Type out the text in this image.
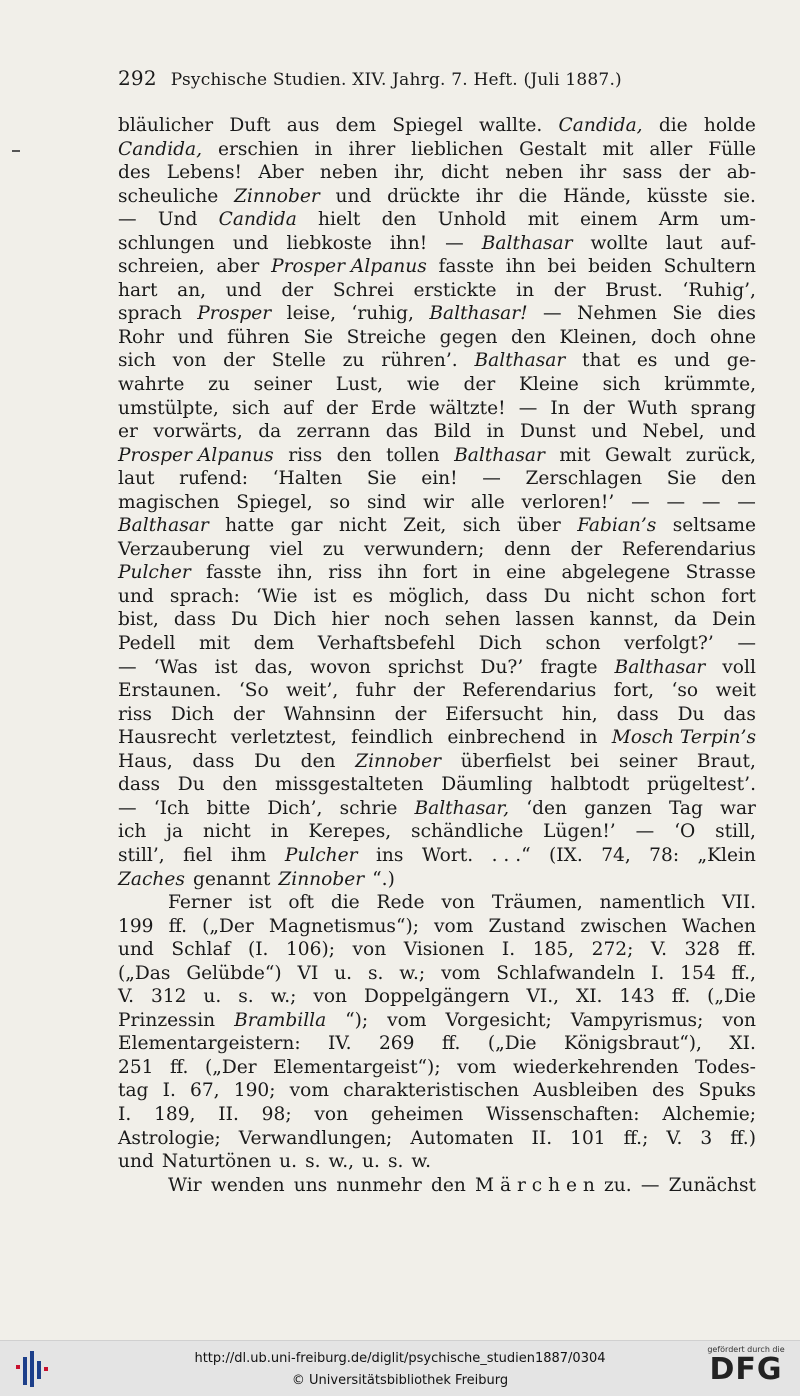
292 Psychische Studien. XIV. Jahrg. 7. Heft. (Juli 1887.)
bläulicher Duft aus dem Spiegel wallte. Candida, die holde
Candida, erschien in ihrer lieblichen Gestalt mit aller Fülle
des Lebens! Aber neben ihr, dicht neben ihr sass der ab-
scheuliche Zinnober und drückte ihr die Hände, küsste sie.
— Und Candida hielt den Unhold mit einem Arm um-
schlungen und liebkoste ihn! — Balthasar wollte laut auf-
schreien, aber Prosper Alpanus fasste ihn bei beiden Schultern
hart an, und der Schrei erstickte in der Brust. ‘Ruhig’,
sprach Prosper leise, ‘ruhig, Balthasar! — Nehmen Sie dies
Rohr und führen Sie Streiche gegen den Kleinen, doch ohne
sich von der Stelle zu rühren’. Balthasar that es und ge-
wahrte zu seiner Lust, wie der Kleine sich krümmte,
umstülpte, sich auf der Erde wältzte! — In der Wuth sprang
er vorwärts, da zerrann das Bild in Dunst und Nebel, und
Prosper Alpanus riss den tollen Balthasar mit Gewalt zurück,
laut rufend: ‘Halten Sie ein! — Zerschlagen Sie den
magischen Spiegel, so sind wir alle verloren!’ — — — —
Balthasar hatte gar nicht Zeit, sich über Fabian’s seltsame
Verzauberung viel zu verwundern; denn der Referendarius
Pulcher fasste ihn, riss ihn fort in eine abgelegene Strasse
und sprach: ‘Wie ist es möglich, dass Du nicht schon fort
bist, dass Du Dich hier noch sehen lassen kannst, da Dein
Pedell mit dem Verhaftsbefehl Dich schon verfolgt?’ —
— ‘Was ist das, wovon sprichst Du?’ fragte Balthasar voll
Erstaunen. ‘So weit’, fuhr der Referendarius fort, ‘so weit
riss Dich der Wahnsinn der Eifersucht hin, dass Du das
Hausrecht verletztest, feindlich einbrechend in Mosch Terpin’s
Haus, dass Du den Zinnober überfielst bei seiner Braut,
dass Du den missgestalteten Däumling halbtodt prügeltest’.
— ‘Ich bitte Dich’, schrie Balthasar, ‘den ganzen Tag war
ich ja nicht in Kerepes, schändliche Lügen!’ — ‘O still,
still’, fiel ihm Pulcher ins Wort. . . .“ (IX. 74, 78: „Klein
Zaches genannt Zinnober “.)
Ferner ist oft die Rede von Träumen, namentlich VII.
199 ff. („Der Magnetismus“); vom Zustand zwischen Wachen
und Schlaf (I. 106); von Visionen I. 185, 272; V. 328 ff.
(„Das Gelübde“) VI u. s. w.; vom Schlafwandeln I. 154 ff.,
V. 312 u. s. w.; von Doppelgängern VI., XI. 143 ff. („Die
Prinzessin Brambilla “); vom Vorgesicht; Vampyrismus; von
Elementargeistern: IV. 269 ff. („Die Königsbraut“), XI.
251 ff. („Der Elementargeist“); vom wiederkehrenden Todes-
tag I. 67, 190; vom charakteristischen Ausbleiben des Spuks
I. 189, II. 98; von geheimen Wissenschaften: Alchemie;
Astrologie; Verwandlungen; Automaten II. 101 ff.; V. 3 ff.)
und Naturtönen u. s. w., u. s. w.
Wir wenden uns nunmehr den M ä r c h e n zu. — Zunächst
http://dl.ub.uni-freiburg.de/diglit/psychische_studien1887/0304
© Universitätsbibliothek Freiburg
gefördert durch die
DFG
